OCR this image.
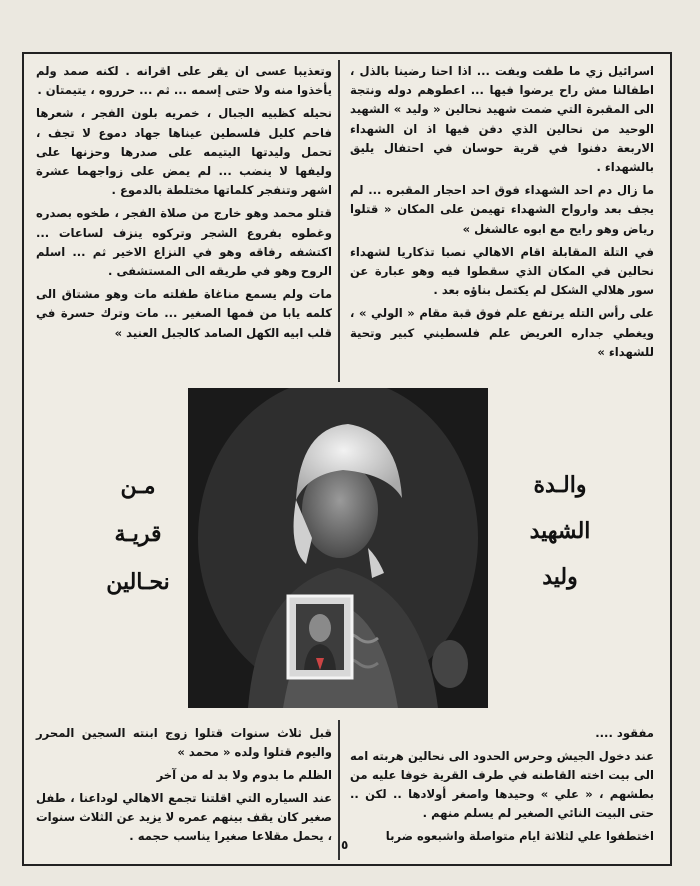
اسرائيل زي ما طفت وبفت ... اذا احنا رضينا بالذل ، اطفالنا مش راح يرضوا فيها ... اعطوهم دوله ونتجة الى المقبرة التي ضمت شهيد نحالين « وليد » الشهيد الوحيد من نحالين الذي دفن فيها اذ ان الشهداء الاربعة دفنوا في قرية حوسان في احتفال يليق بالشهداء .

ما زال دم احد الشهداء فوق احد احجار المقبره ... لم يجف بعد وارواح الشهداء تهيمن على المكان « قتلوا رياض وهو رايح مع ابوه عالشغل »

في التلة المقابلة اقام الاهالي نصبا تذكاريا لشهداء نحالين في المكان الذي سقطوا فيه وهو عبارة عن سور هلالي الشكل لم يكتمل بناؤه بعد .

على رأس التله يرتفع علم فوق قبة مقام « الولي » ، ويغطي جداره العريض علم فلسطيني كبير وتحية للشهداء »

وتعذيبا عسى ان يقر على اقرانه . لكنه صمد ولم يأخذوا منه ولا حتى إسمه ... ثم ... حرروه ، يتيمتان .

نحيله كظبيه الجبال ، خمريه بلون الفجر ، شعرها فاحم كليل فلسطين عيناها جهاد دموع لا تجف ، تحمل وليدتها اليتيمه على صدرها وحزنها على وليفها لا ينضب ... لم يمض على زواجهما عشرة اشهر وتنفجر كلماتها مختلطة بالدموع .

قتلو محمد وهو خارج من صلاة الفجر ، طخوه بصدره وغطوه بفروع الشجر وتركوه ينزف لساعات ... اكتشفه رفاقه وهو في النزاع الاخير ثم ... اسلم الروح وهو في طريقه الى المستشفى .

مات ولم يسمع مناغاة طفلته مات وهو مشتاق الى كلمه يابا من فمها الصغير ... مات وترك حسرة في قلب ابيه الكهل الصامد كالجبل العنيد »

والـدة
الشهيد
وليد
مـن
قريـة
نحـالين

مفقود ....

عند دخول الجيش وحرس الحدود الى نحالين هربته امه الى بيت اخته القاطنه في طرف القرية خوفا عليه من بطشهم ، « علي » وحيدها واصغر أولادها .. لكن .. حتى البيت النائي الصغير لم يسلم منهم .

اختطفوا علي لثلاثة ايام متواصلة واشبعوه ضربا

قبل ثلاث سنوات قتلوا زوج ابنته السجين المحرر واليوم قتلوا ولده « محمد »

الظلم ما بدوم ولا بد له من آخر

عند السياره التي اقلتنا تجمع الاهالي لوداعنا ، طفل صغير كان يقف بينهم عمره لا يزيد عن الثلاث سنوات ، يحمل مقلاعا صغيرا يناسب حجمه .

٥
